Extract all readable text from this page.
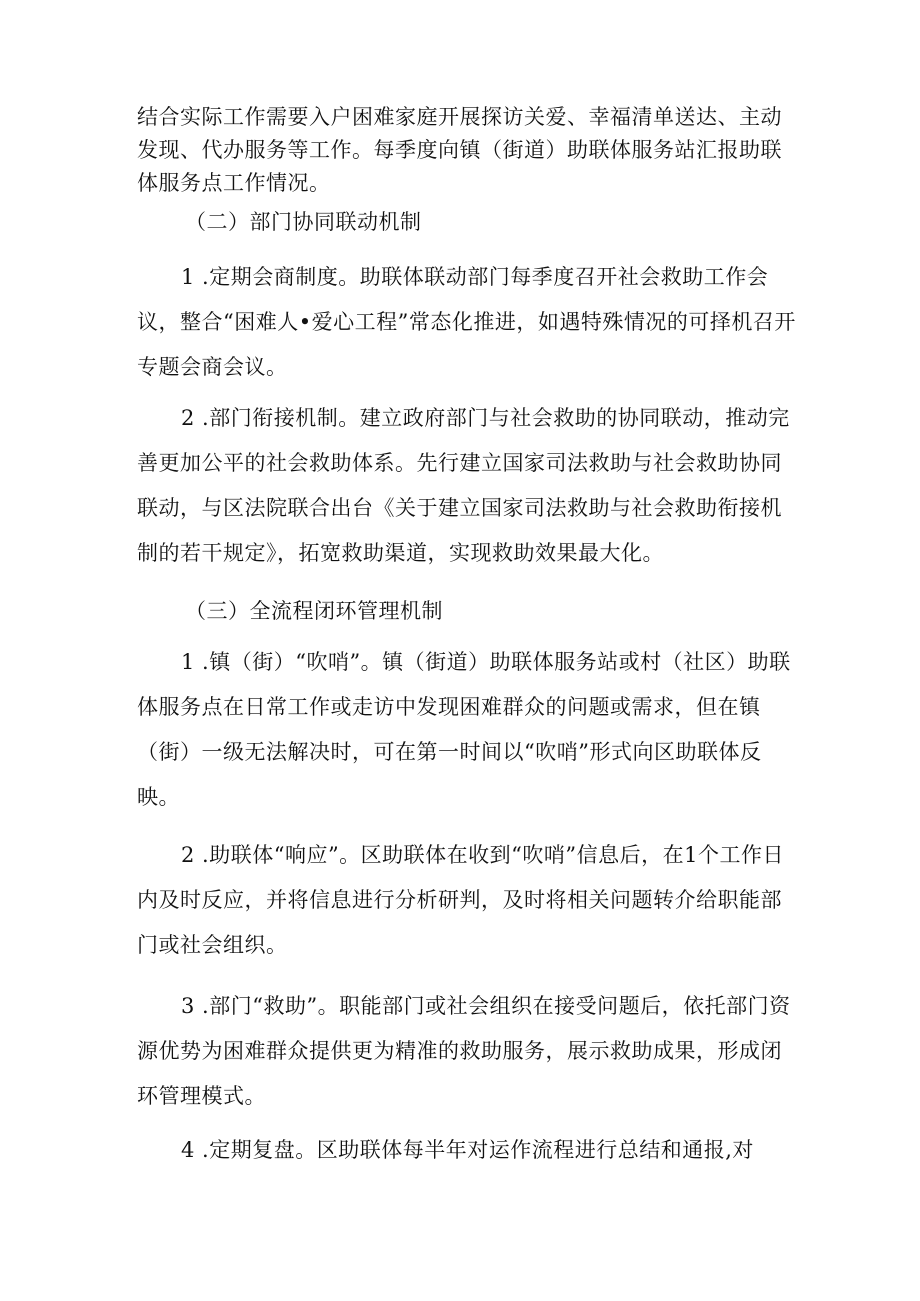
结合实际工作需要入户困难家庭开展探访关爱、幸福清单送达、主动发现、代办服务等工作。每季度向镇（街道）助联体服务站汇报助联体服务点工作情况。

（二）部门协同联动机制

1 .定期会商制度。助联体联动部门每季度召开社会救助工作会议，整合“困难人•爱心工程”常态化推进，如遇特殊情况的可择机召开专题会商会议。

2 .部门衔接机制。建立政府部门与社会救助的协同联动，推动完善更加公平的社会救助体系。先行建立国家司法救助与社会救助协同联动，与区法院联合出台《关于建立国家司法救助与社会救助衔接机制的若干规定》，拓宽救助渠道，实现救助效果最大化。

（三）全流程闭环管理机制

1 .镇（街）“吹哨”。镇（街道）助联体服务站或村（社区）助联体服务点在日常工作或走访中发现困难群众的问题或需求，但在镇（街）一级无法解决时，可在第一时间以“吹哨”形式向区助联体反映。

2 .助联体“响应”。区助联体在收到“吹哨”信息后，在1个工作日内及时反应，并将信息进行分析研判，及时将相关问题转介给职能部门或社会组织。

3 .部门“救助”。职能部门或社会组织在接受问题后，依托部门资源优势为困难群众提供更为精准的救助服务，展示救助成果，形成闭环管理模式。

4 .定期复盘。区助联体每半年对运作流程进行总结和通报,对
